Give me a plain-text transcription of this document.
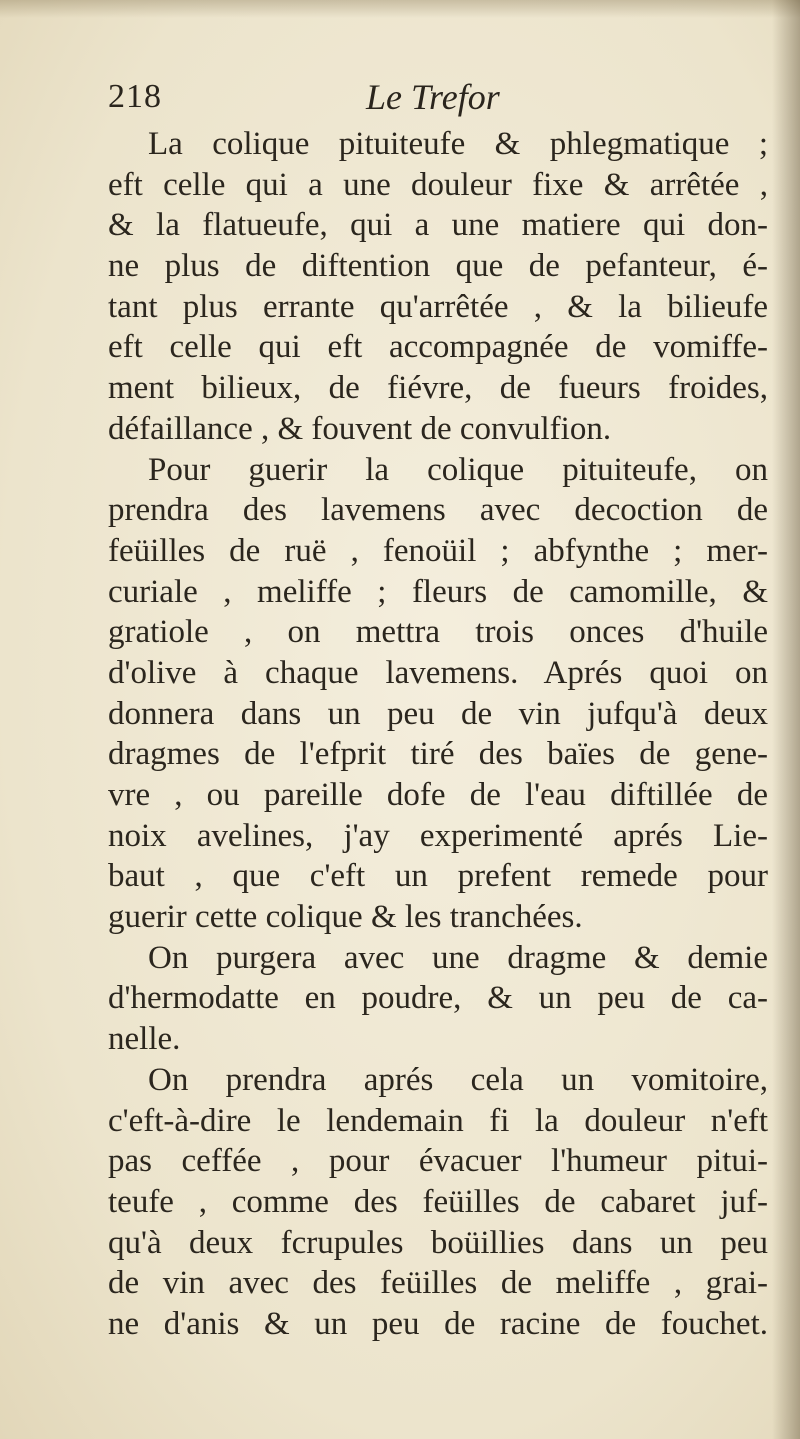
218	Le Trefor
La colique pituiteufe & phlegmatique ;
eft celle qui a une douleur fixe & arrêtée ,
& la flatueufe, qui a une matiere qui don-
ne plus de diftention que de pefanteur, é-
tant plus errante qu'arrêtée , & la bilieufe
eft celle qui eft accompagnée de vomiffe-
ment bilieux, de fiévre, de fueurs froides,
défaillance , & fouvent de convulfion.
Pour guerir la colique pituiteufe, on
prendra des lavemens avec decoction de
feüilles de ruë , fenoüil ; abfynthe ; mer-
curiale , meliffe ; fleurs de camomille, &
gratiole , on mettra trois onces d'huile
d'olive à chaque lavemens. Aprés quoi on
donnera dans un peu de vin jufqu'à deux
dragmes de l'efprit tiré des baïes de gene-
vre , ou pareille dofe de l'eau diftillée de
noix avelines, j'ay experimenté aprés Lie-
baut , que c'eft un prefent remede pour
guerir cette colique & les tranchées.
On purgera avec une dragme & demie
d'hermodatte en poudre, & un peu de ca-
nelle.
On prendra aprés cela un vomitoire,
c'eft-à-dire le lendemain fi la douleur n'eft
pas ceffée , pour évacuer l'humeur pitui-
teufe , comme des feüilles de cabaret juf-
qu'à deux fcrupules boüillies dans un peu
de vin avec des feüilles de meliffe , grai-
ne d'anis & un peu de racine de fouchet.
